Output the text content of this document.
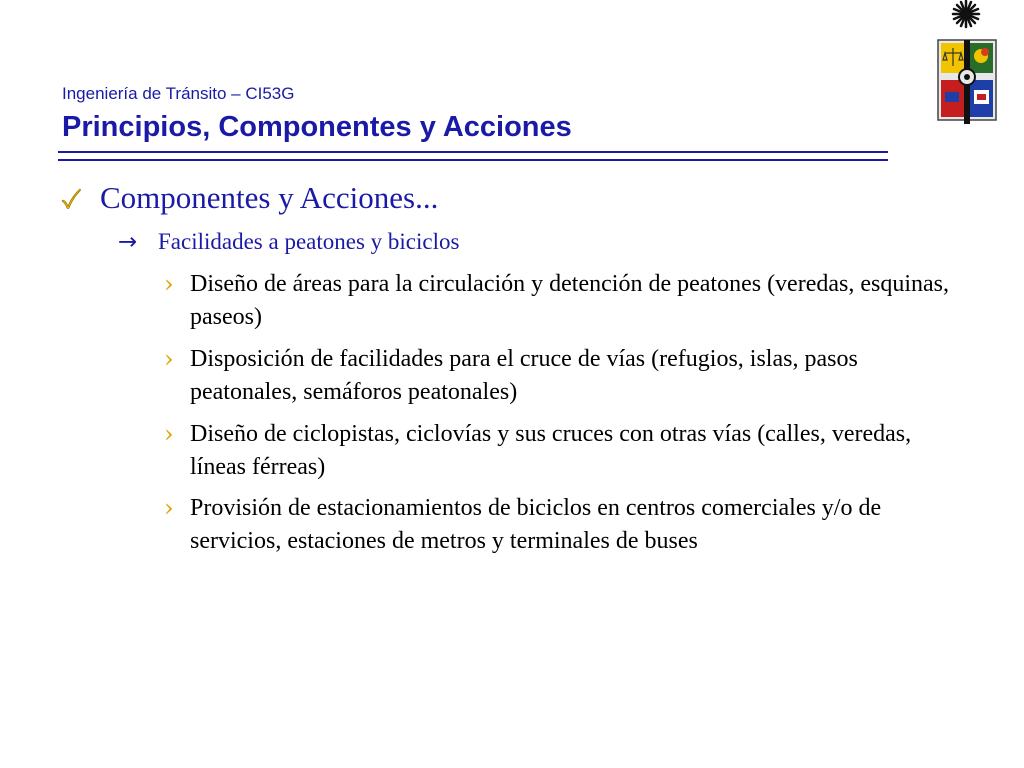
Ingeniería de Tránsito – CI53G
Principios, Componentes y Acciones
Componentes y Acciones...
→ Facilidades a peatones y biciclos
› Diseño de áreas para la circulación y detención de peatones (veredas, esquinas, paseos)
› Disposición de facilidades para el cruce de vías (refugios, islas, pasos peatonales, semáforos peatonales)
› Diseño de ciclopistas, ciclovías y sus cruces con otras vías (calles, veredas, líneas férreas)
› Provisión de estacionamientos de biciclos en centros comerciales y/o de servicios, estaciones de metros y terminales de buses
